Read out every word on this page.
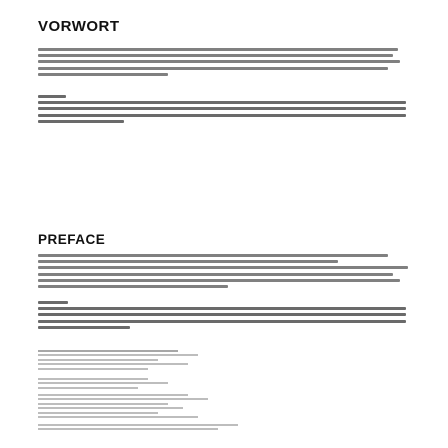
VORWORT
PREFACE
